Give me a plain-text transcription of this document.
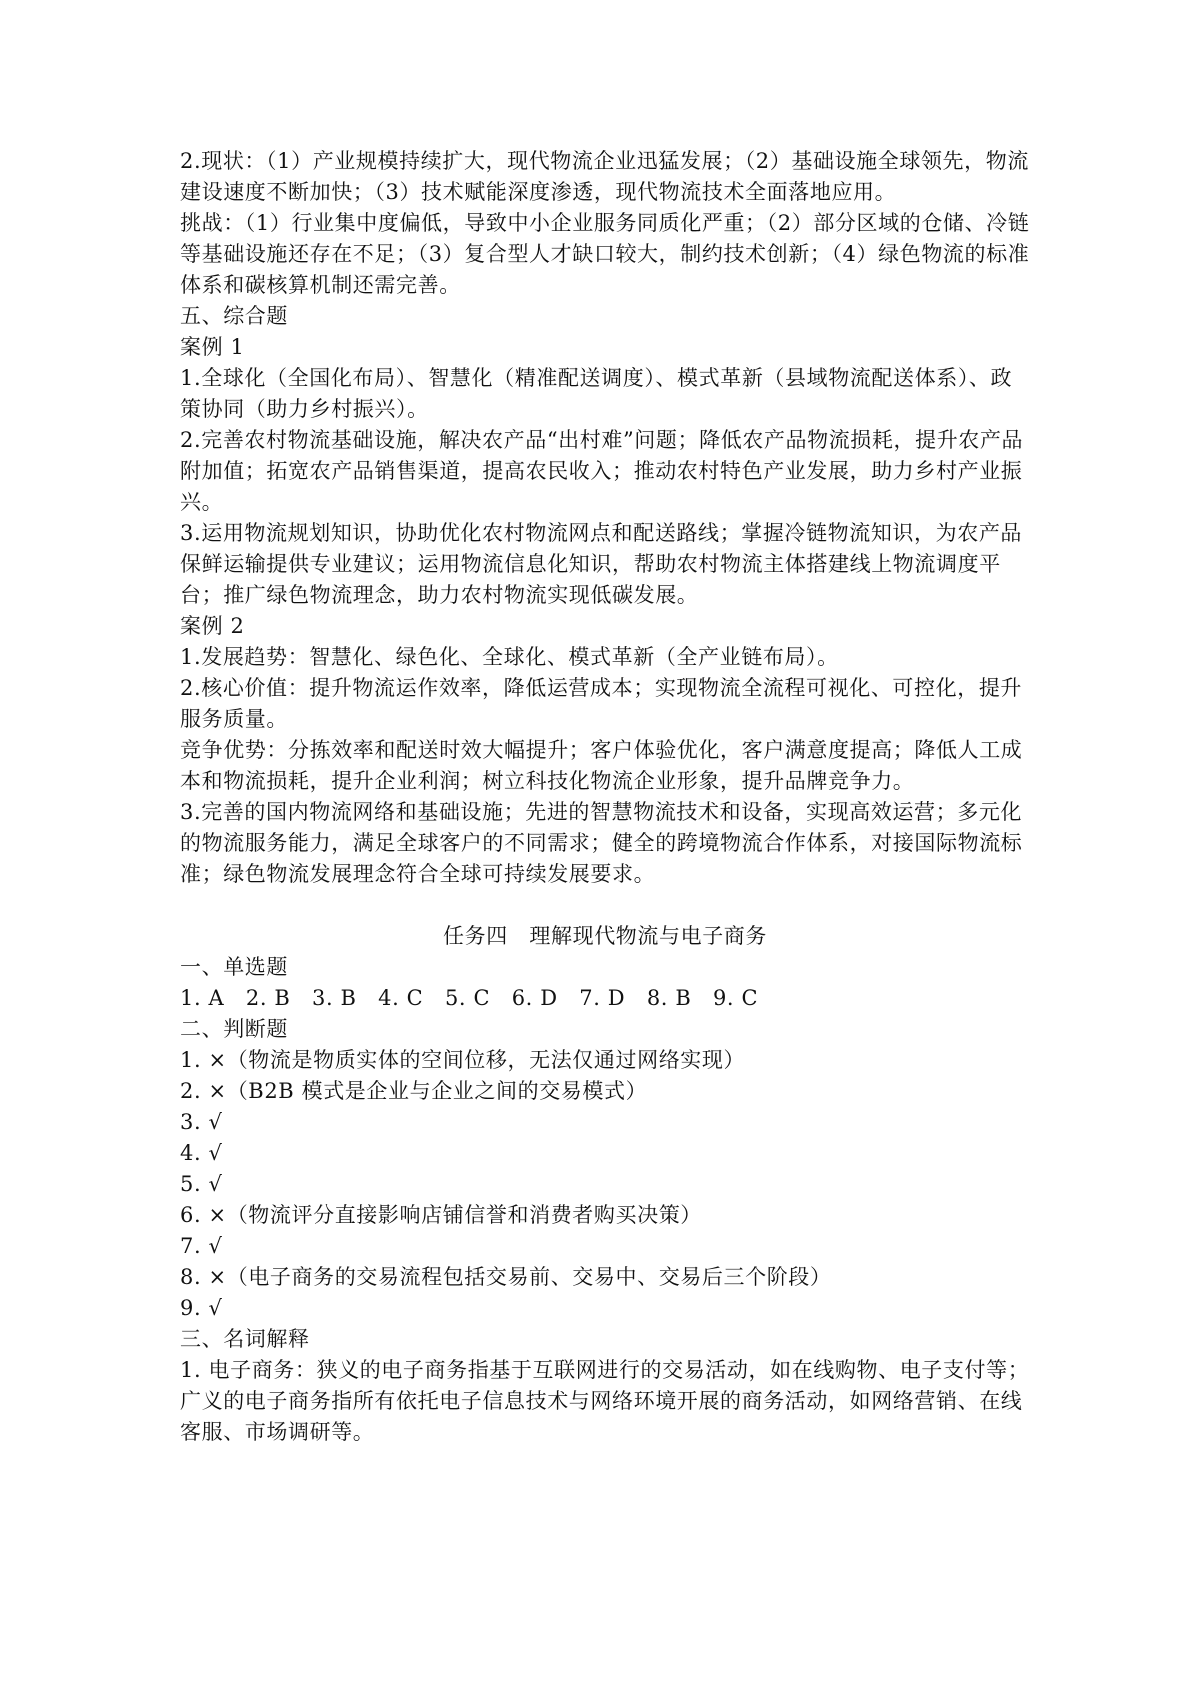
2.现状：（1）产业规模持续扩大，现代物流企业迅猛发展；（2）基础设施全球领先，物流建设速度不断加快；（3）技术赋能深度渗透，现代物流技术全面落地应用。

挑战：（1）行业集中度偏低，导致中小企业服务同质化严重；（2）部分区域的仓储、冷链等基础设施还存在不足；（3）复合型人才缺口较大，制约技术创新；（4）绿色物流的标准体系和碳核算机制还需完善。

五、综合题

案例 1

1.全球化（全国化布局）、智慧化（精准配送调度）、模式革新（县域物流配送体系）、政策协同（助力乡村振兴）。

2.完善农村物流基础设施，解决农产品“出村难”问题；降低农产品物流损耗，提升农产品附加值；拓宽农产品销售渠道，提高农民收入；推动农村特色产业发展，助力乡村产业振兴。

3.运用物流规划知识，协助优化农村物流网点和配送路线；掌握冷链物流知识，为农产品保鲜运输提供专业建议；运用物流信息化知识，帮助农村物流主体搭建线上物流调度平台；推广绿色物流理念，助力农村物流实现低碳发展。

案例 2

1.发展趋势：智慧化、绿色化、全球化、模式革新（全产业链布局）。

2.核心价值：提升物流运作效率，降低运营成本；实现物流全流程可视化、可控化，提升服务质量。

竞争优势：分拣效率和配送时效大幅提升；客户体验优化，客户满意度提高；降低人工成本和物流损耗，提升企业利润；树立科技化物流企业形象，提升品牌竞争力。

3.完善的国内物流网络和基础设施；先进的智慧物流技术和设备，实现高效运营；多元化的物流服务能力，满足全球客户的不同需求；健全的跨境物流合作体系，对接国际物流标准；绿色物流发展理念符合全球可持续发展要求。

任务四　理解现代物流与电子商务

一、单选题

1. A　2. B　3. B　4. C　5. C　6. D　7. D　8. B　9. C

二、判断题

1. ×（物流是物质实体的空间位移，无法仅通过网络实现）

2. ×（B2B 模式是企业与企业之间的交易模式）

3. √

4. √

5. √

6. ×（物流评分直接影响店铺信誉和消费者购买决策）

7. √

8. ×（电子商务的交易流程包括交易前、交易中、交易后三个阶段）

9. √

三、名词解释

1. 电子商务：狭义的电子商务指基于互联网进行的交易活动，如在线购物、电子支付等；广义的电子商务指所有依托电子信息技术与网络环境开展的商务活动，如网络营销、在线客服、市场调研等。
